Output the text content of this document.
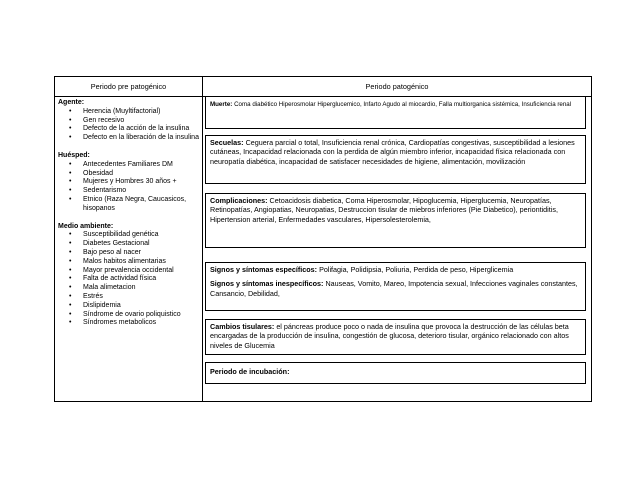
Periodo pre patogénico	Periodo patogénico
Agente:
• Herencia (Muyltifactorial)
• Gen recesivo
• Defecto de la acción de la insulina
• Defecto en la liberación de la insulina
Huésped:
• Antecedentes Familiares DM
• Obesidad
• Mujeres y Hombres 30 años +
• Sedentarismo
• Etnico (Raza Negra, Caucasicos, hisopanos
Medio ambiente:
• Susceptibilidad genética
• Diabetes Gestacional
• Bajo peso al nacer
• Malos habitos alimentarias
• Mayor prevalencia occidental
• Falta de actividad física
• Mala alimetacion
• Estrés
• Dislipidemia
• Síndrome de ovario poliquistico
• Síndromes metabolicos
Muerte: Coma diabético Hiperosmolar Hiperglucemico, Infarto Agudo al miocardio, Falla multiorganica sistémica, Insuficiencia renal
Secuelas: Ceguera parcial o total, Insuficiencia renal crónica, Cardiopatías congestivas, susceptibilidad a lesiones cutáneas, Incapacidad relacionada con la perdida de algún miembro inferior, incapacidad física relacionada con neuropatía diabética, incapacidad de satisfacer necesidades de higiene, alimentación, movilización
Complicaciones: Cetoacidosis diabetica, Coma Hiperosmolar, Hipoglucemia, Hiperglucemia, Neuropatías, Retinopatías, Angiopatias, Neuropatias, Destruccion tisular de miebros inferiores (Pie Diabetico), periontiditis, Hipertension arterial, Enfermedades vasculares, Hipersolesterolemia,
Signos y síntomas específicos: Polifagia, Polidipsia, Poliuria, Perdida de peso, Hiperglicemia
Signos y síntomas inespecíficos: Nauseas, Vomito, Mareo, Impotencia sexual, Infecciones vaginales constantes, Cansancio, Debilidad,
Cambios tisulares: el páncreas produce poco o nada de insulina que provoca la destrucción de las células beta encargadas de la producción de insulina, congestión de glucosa, deterioro tisular, orgánico relacionado con altos niveles de Glucemia
Periodo de incubación:
